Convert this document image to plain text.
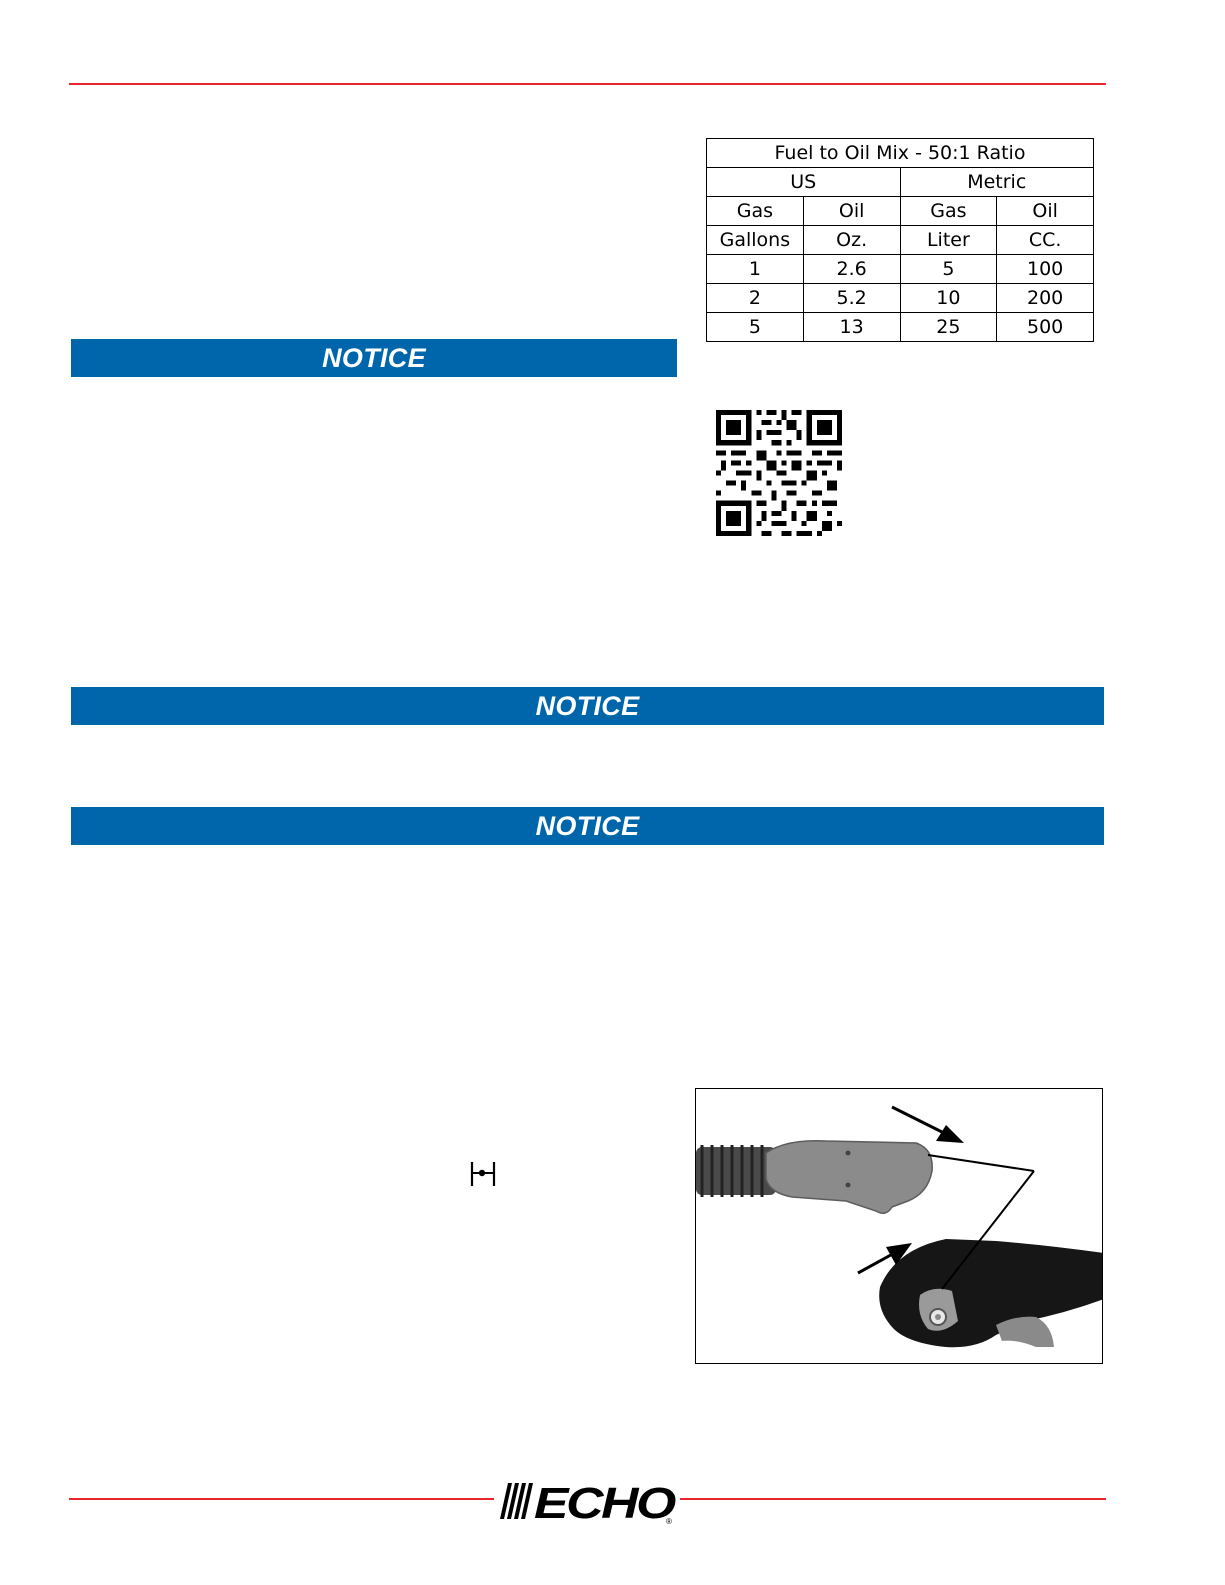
Fuel to Oil Mix - 50:1 Ratio			
US		Metric	
Gas	Oil	Gas	Oil
Gallons	Oz.	Liter	CC.
1	2.6	5	100
2	5.2	10	200
5	13	25	500
NOTICE
NOTICE
NOTICE
ECHO
®
